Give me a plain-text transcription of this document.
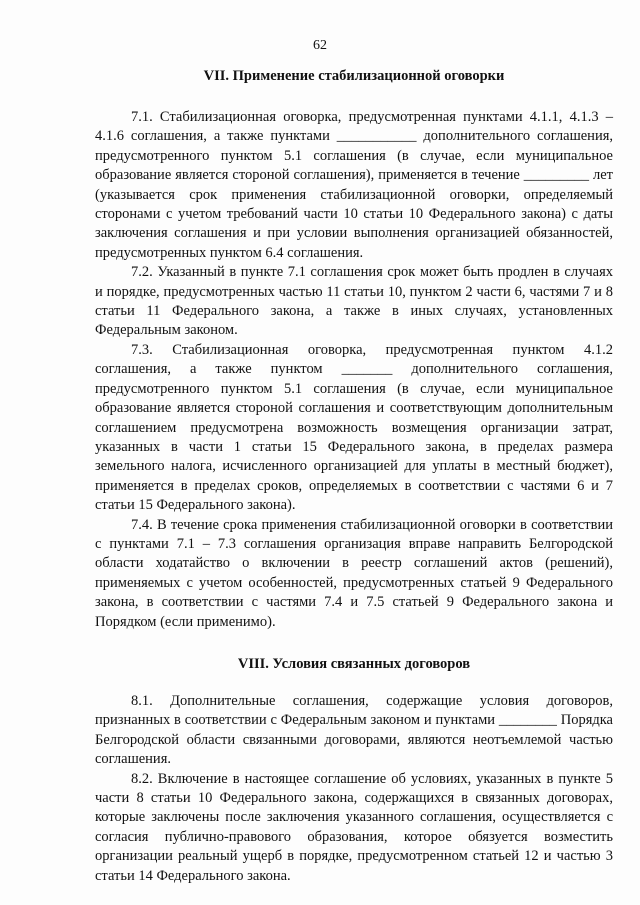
62
VII. Применение стабилизационной оговорки

7.1. Стабилизационная оговорка, предусмотренная пунктами 4.1.1, 4.1.3 – 4.1.6 соглашения, а также пунктами ___________ дополнительного соглашения, предусмотренного пунктом 5.1 соглашения (в случае, если муниципальное образование является стороной соглашения), применяется в течение _________ лет (указывается срок применения стабилизационной оговорки, определяемый сторонами с учетом требований части 10 статьи 10 Федерального закона) с даты заключения соглашения и при условии выполнения организацией обязанностей, предусмотренных пунктом 6.4 соглашения.

7.2. Указанный в пункте 7.1 соглашения срок может быть продлен в случаях и порядке, предусмотренных частью 11 статьи 10, пунктом 2 части 6, частями 7 и 8 статьи 11 Федерального закона, а также в иных случаях, установленных Федеральным законом.

7.3. Стабилизационная оговорка, предусмотренная пунктом 4.1.2 соглашения, а также пунктом _______ дополнительного соглашения, предусмотренного пунктом 5.1 соглашения (в случае, если муниципальное образование является стороной соглашения и соответствующим дополнительным соглашением предусмотрена возможность возмещения организации затрат, указанных в части 1 статьи 15 Федерального закона, в пределах размера земельного налога, исчисленного организацией для уплаты в местный бюджет), применяется в пределах сроков, определяемых в соответствии с частями 6 и 7 статьи 15 Федерального закона).

7.4. В течение срока применения стабилизационной оговорки в соответствии с пунктами 7.1 – 7.3 соглашения организация вправе направить Белгородской области ходатайство о включении в реестр соглашений актов (решений), применяемых с учетом особенностей, предусмотренных статьей 9 Федерального закона, в соответствии с частями 7.4 и 7.5 статьей 9 Федерального закона и Порядком (если применимо).

VIII. Условия связанных договоров

8.1. Дополнительные соглашения, содержащие условия договоров, признанных в соответствии с Федеральным законом и пунктами ________ Порядка Белгородской области связанными договорами, являются неотъемлемой частью соглашения.

8.2. Включение в настоящее соглашение об условиях, указанных в пункте 5 части 8 статьи 10 Федерального закона, содержащихся в связанных договорах, которые заключены после заключения указанного соглашения, осуществляется с согласия публично-правового образования, которое обязуется возместить организации реальный ущерб в порядке, предусмотренном статьей 12 и частью 3 статьи 14 Федерального закона.
